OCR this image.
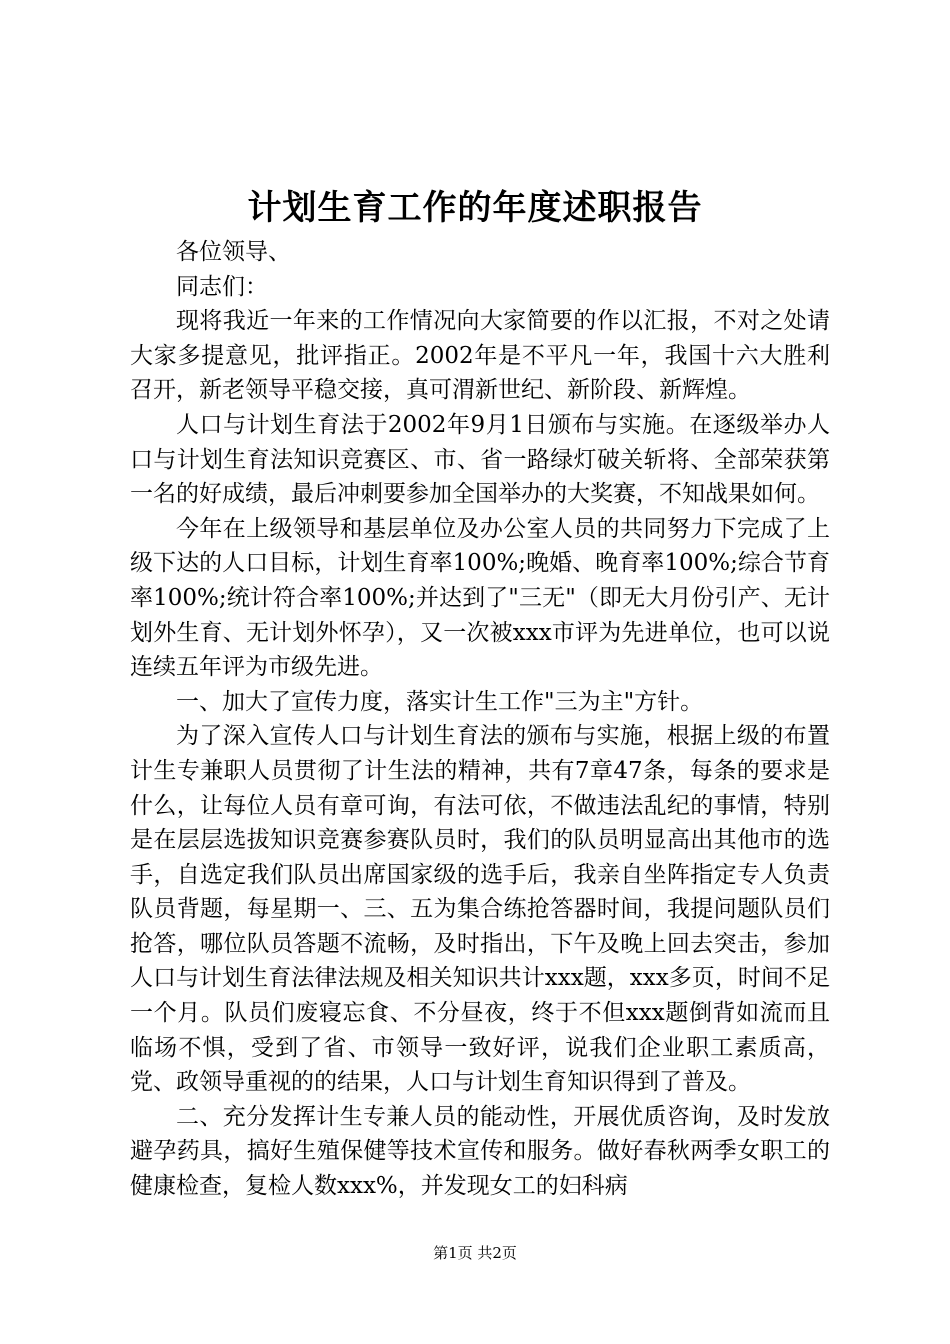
计划生育工作的年度述职报告

各位领导、

同志们：

现将我近一年来的工作情况向大家简要的作以汇报，不对之处请大家多提意见，批评指正。2002年是不平凡一年，我国十六大胜利召开，新老领导平稳交接，真可渭新世纪、新阶段、新辉煌。

人口与计划生育法于2002年9月1日颁布与实施。在逐级举办人口与计划生育法知识竞赛区、市、省一路绿灯破关斩将、全部荣获第一名的好成绩，最后冲刺要参加全国举办的大奖赛，不知战果如何。

今年在上级领导和基层单位及办公室人员的共同努力下完成了上级下达的人口目标，计划生育率100%;晚婚、晚育率100%;综合节育率100%;统计符合率100%;并达到了"三无"（即无大月份引产、无计划外生育、无计划外怀孕），又一次被xxx市评为先进单位，也可以说连续五年评为市级先进。

一、加大了宣传力度，落实计生工作"三为主"方针。

为了深入宣传人口与计划生育法的颁布与实施，根据上级的布置计生专兼职人员贯彻了计生法的精神，共有7章47条，每条的要求是什么，让每位人员有章可询，有法可依，不做违法乱纪的事情，特别是在层层选拔知识竞赛参赛队员时，我们的队员明显高出其他市的选手，自选定我们队员出席国家级的选手后，我亲自坐阵指定专人负责队员背题，每星期一、三、五为集合练抢答器时间，我提问题队员们抢答，哪位队员答题不流畅，及时指出，下午及晚上回去突击，参加人口与计划生育法律法规及相关知识共计xxx题，xxx多页，时间不足一个月。队员们废寝忘食、不分昼夜，终于不但xxx题倒背如流而且临场不惧，受到了省、市领导一致好评，说我们企业职工素质高，党、政领导重视的的结果，人口与计划生育知识得到了普及。

二、充分发挥计生专兼人员的能动性，开展优质咨询，及时发放避孕药具，搞好生殖保健等技术宣传和服务。做好春秋两季女职工的健康检查，复检人数xxx%，并发现女工的妇科病

第1页 共2页
